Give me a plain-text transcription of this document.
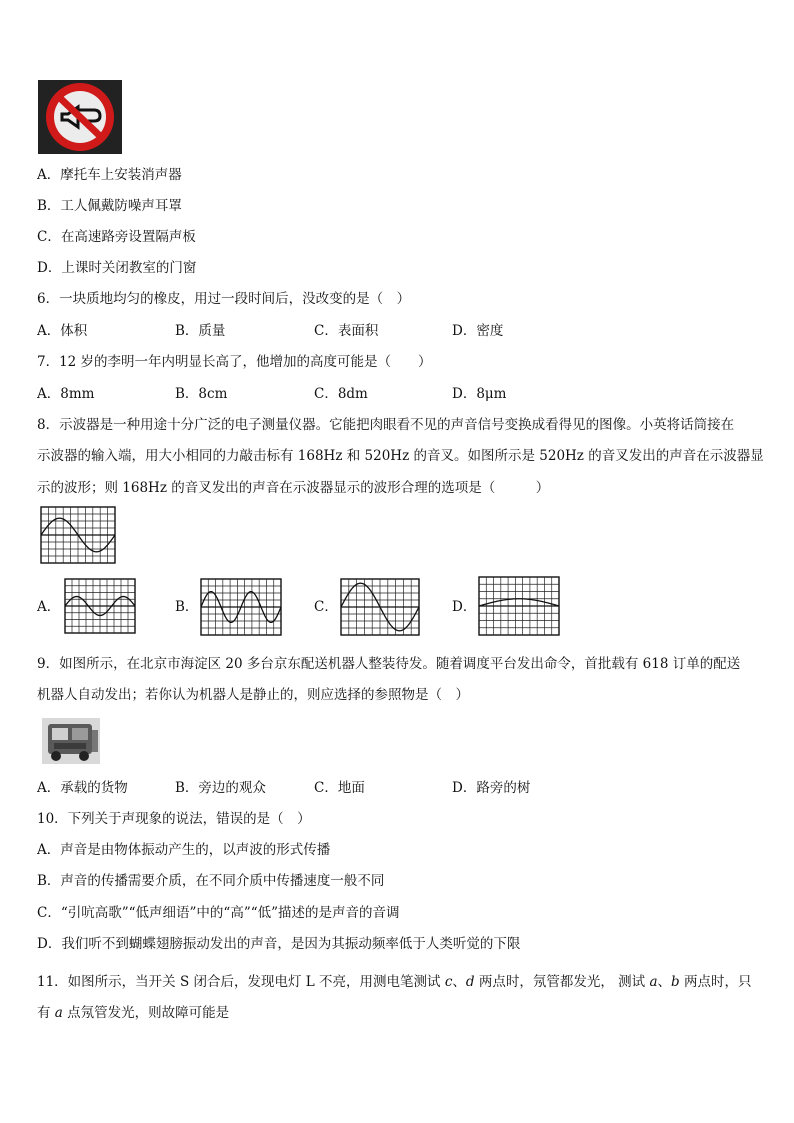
A．摩托车上安装消声器
B．工人佩戴防噪声耳罩
C．在高速路旁设置隔声板
D．上课时关闭教室的门窗
6．一块质地均匀的橡皮，用过一段时间后，没改变的是（　）
A．体积	B．质量	C．表面积	D．密度
7．12 岁的李明一年内明显长高了，他增加的高度可能是（　　）
A．8mm	B．8cm	C．8dm	D．8μm
8．示波器是一种用途十分广泛的电子测量仪器。它能把肉眼看不见的声音信号变换成看得见的图像。小英将话筒接在
示波器的输入端，用大小相同的力敲击标有 168Hz 和 520Hz 的音叉。如图所示是 520Hz 的音叉发出的声音在示波器显
示的波形；则 168Hz 的音叉发出的声音在示波器显示的波形合理的选项是（　　　）
A．	B．	C．	D．
9．如图所示，在北京市海淀区 20 多台京东配送机器人整装待发。随着调度平台发出命令，首批载有 618 订单的配送
机器人自动发出；若你认为机器人是静止的，则应选择的参照物是（　）
A．承载的货物	B．旁边的观众	C．地面	D．路旁的树
10．下列关于声现象的说法，错误的是（　）
A．声音是由物体振动产生的，以声波的形式传播
B．声音的传播需要介质，在不同介质中传播速度一般不同
C．“引吭高歌”“低声细语”中的“高”“低”描述的是声音的音调
D．我们听不到蝴蝶翅膀振动发出的声音，是因为其振动频率低于人类听觉的下限
11．如图所示，当开关 S 闭合后，发现电灯 L 不亮，用测电笔测试 c、d 两点时，氖管都发光， 测试 a、b 两点时，只
有 a 点氖管发光，则故障可能是
